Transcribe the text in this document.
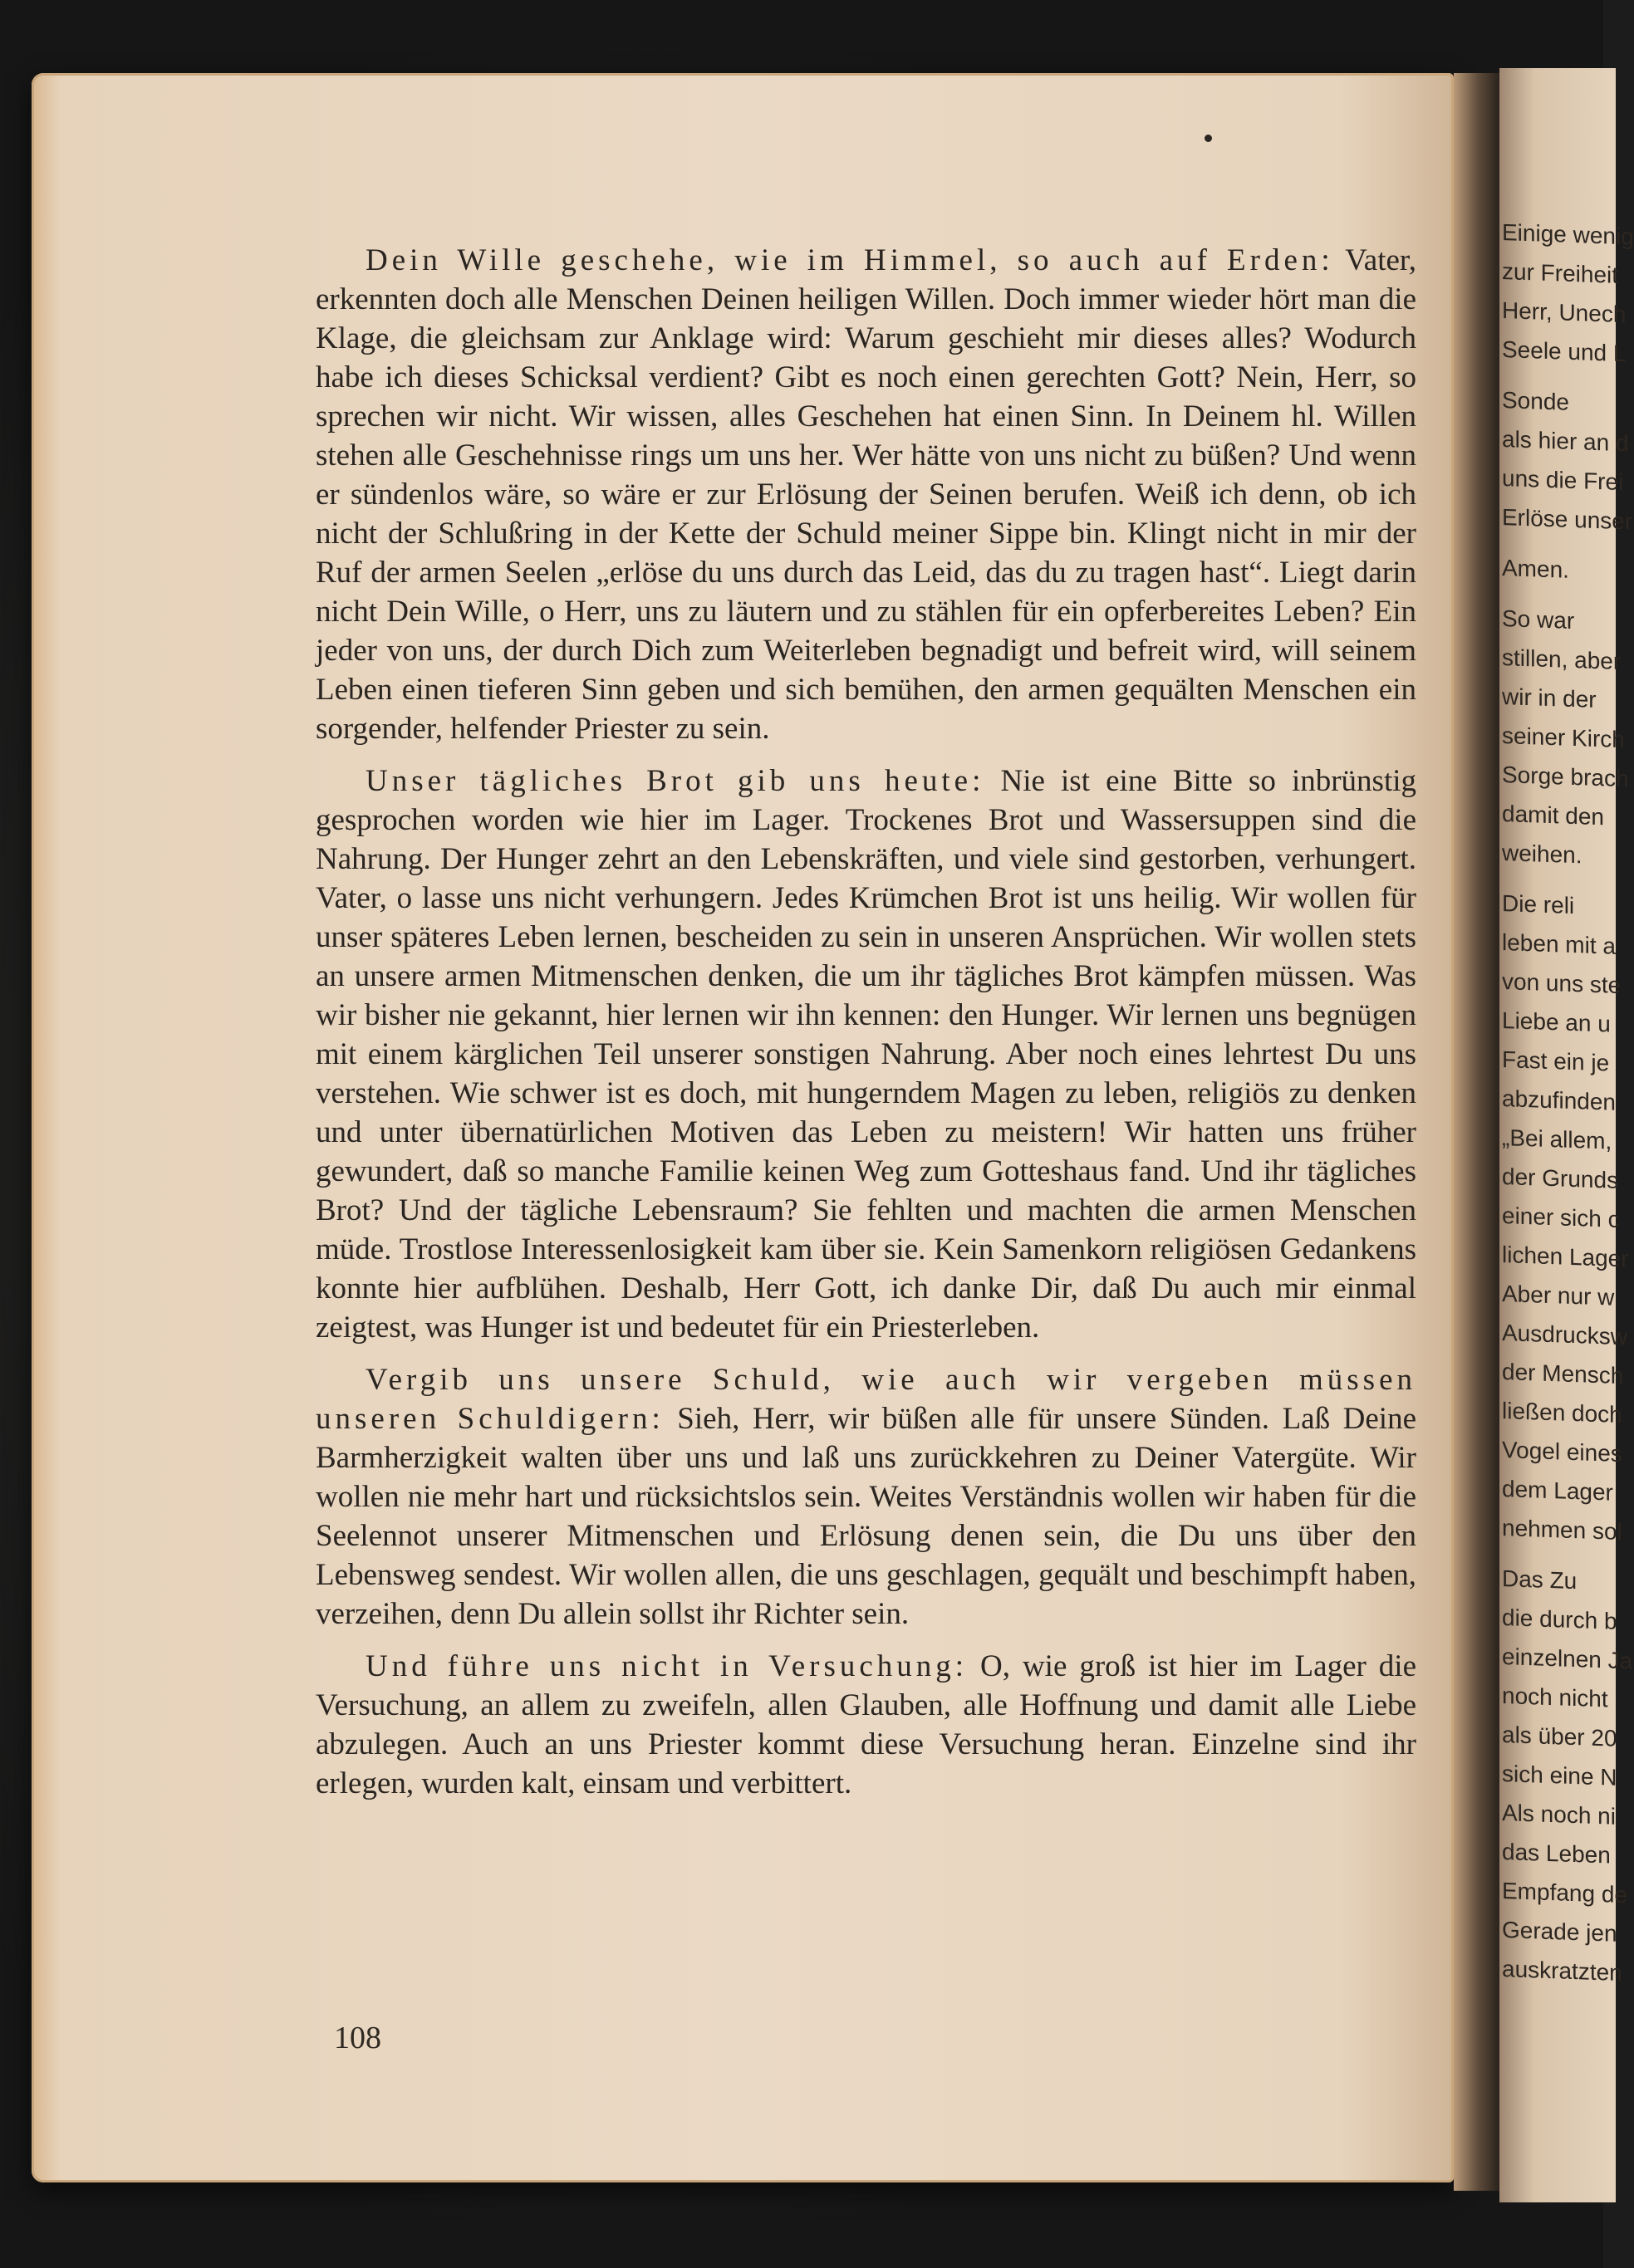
Dein Wille geschehe, wie im Himmel, so auch auf Erden: Vater, erkennten doch alle Menschen Deinen heiligen Willen. Doch immer wieder hört man die Klage, die gleichsam zur Anklage wird: Warum geschieht mir dieses alles? Wodurch habe ich dieses Schicksal verdient? Gibt es noch einen gerechten Gott? Nein, Herr, so sprechen wir nicht. Wir wissen, alles Geschehen hat einen Sinn. In Deinem hl. Willen stehen alle Geschehnisse rings um uns her. Wer hätte von uns nicht zu büßen? Und wenn er sündenlos wäre, so wäre er zur Erlösung der Seinen berufen. Weiß ich denn, ob ich nicht der Schlußring in der Kette der Schuld meiner Sippe bin. Klingt nicht in mir der Ruf der armen Seelen „erlöse du uns durch das Leid, das du zu tragen hast“. Liegt darin nicht Dein Wille, o Herr, uns zu läutern und zu stählen für ein opferbereites Leben? Ein jeder von uns, der durch Dich zum Weiterleben begnadigt und befreit wird, will seinem Leben einen tieferen Sinn geben und sich bemühen, den armen gequälten Menschen ein sorgender, helfender Priester zu sein.

Unser tägliches Brot gib uns heute: Nie ist eine Bitte so inbrünstig gesprochen worden wie hier im Lager. Trockenes Brot und Wassersuppen sind die Nahrung. Der Hunger zehrt an den Lebenskräften, und viele sind gestorben, verhungert. Vater, o lasse uns nicht verhungern. Jedes Krümchen Brot ist uns heilig. Wir wollen für unser späteres Leben lernen, bescheiden zu sein in unseren Ansprüchen. Wir wollen stets an unsere armen Mitmenschen denken, die um ihr tägliches Brot kämpfen müssen. Was wir bisher nie gekannt, hier lernen wir ihn kennen: den Hunger. Wir lernen uns begnügen mit einem kärglichen Teil unserer sonstigen Nahrung. Aber noch eines lehrtest Du uns verstehen. Wie schwer ist es doch, mit hungerndem Magen zu leben, religiös zu denken und unter übernatürlichen Motiven das Leben zu meistern! Wir hatten uns früher gewundert, daß so manche Familie keinen Weg zum Gotteshaus fand. Und ihr tägliches Brot? Und der tägliche Lebensraum? Sie fehlten und machten die armen Menschen müde. Trostlose Interessenlosigkeit kam über sie. Kein Samenkorn religiösen Gedankens konnte hier aufblühen. Deshalb, Herr Gott, ich danke Dir, daß Du auch mir einmal zeigtest, was Hunger ist und bedeutet für ein Priesterleben.

Vergib uns unsere Schuld, wie auch wir vergeben müssen unseren Schuldigern: Sieh, Herr, wir büßen alle für unsere Sünden. Laß Deine Barmherzigkeit walten über uns und laß uns zurückkehren zu Deiner Vatergüte. Wir wollen nie mehr hart und rücksichtslos sein. Weites Verständnis wollen wir haben für die Seelennot unserer Mitmenschen und Erlösung denen sein, die Du uns über den Lebensweg sendest. Wir wollen allen, die uns geschlagen, gequält und beschimpft haben, verzeihen, denn Du allein sollst ihr Richter sein.

Und führe uns nicht in Versuchung: O, wie groß ist hier im Lager die Versuchung, an allem zu zweifeln, allen Glauben, alle Hoffnung und damit alle Liebe abzulegen. Auch an uns Priester kommt diese Versuchung heran. Einzelne sind ihr erlegen, wurden kalt, einsam und verbittert.

108
Einige wenig
zur Freiheit
Herr, Unech
Seele und L
Sonde
als hier an d
uns die Frei
Erlöse unser
Amen.
So war
stillen, aber
wir in der
seiner Kirch
Sorge brach
damit den
weihen.
Die reli
leben mit a
von uns ste
Liebe an u
Fast ein je
abzufinden
„Bei allem,
der Grunds
einer sich c
lichen Lager
Aber nur w
Ausdrucksw
der Mensch
ließen doch
Vogel eines
dem Lager
nehmen sol
Das Zu
die durch b
einzelnen Ja
noch nicht
als über 20
sich eine N
Als noch ni
das Leben
Empfang de
Gerade jen
auskratzten
